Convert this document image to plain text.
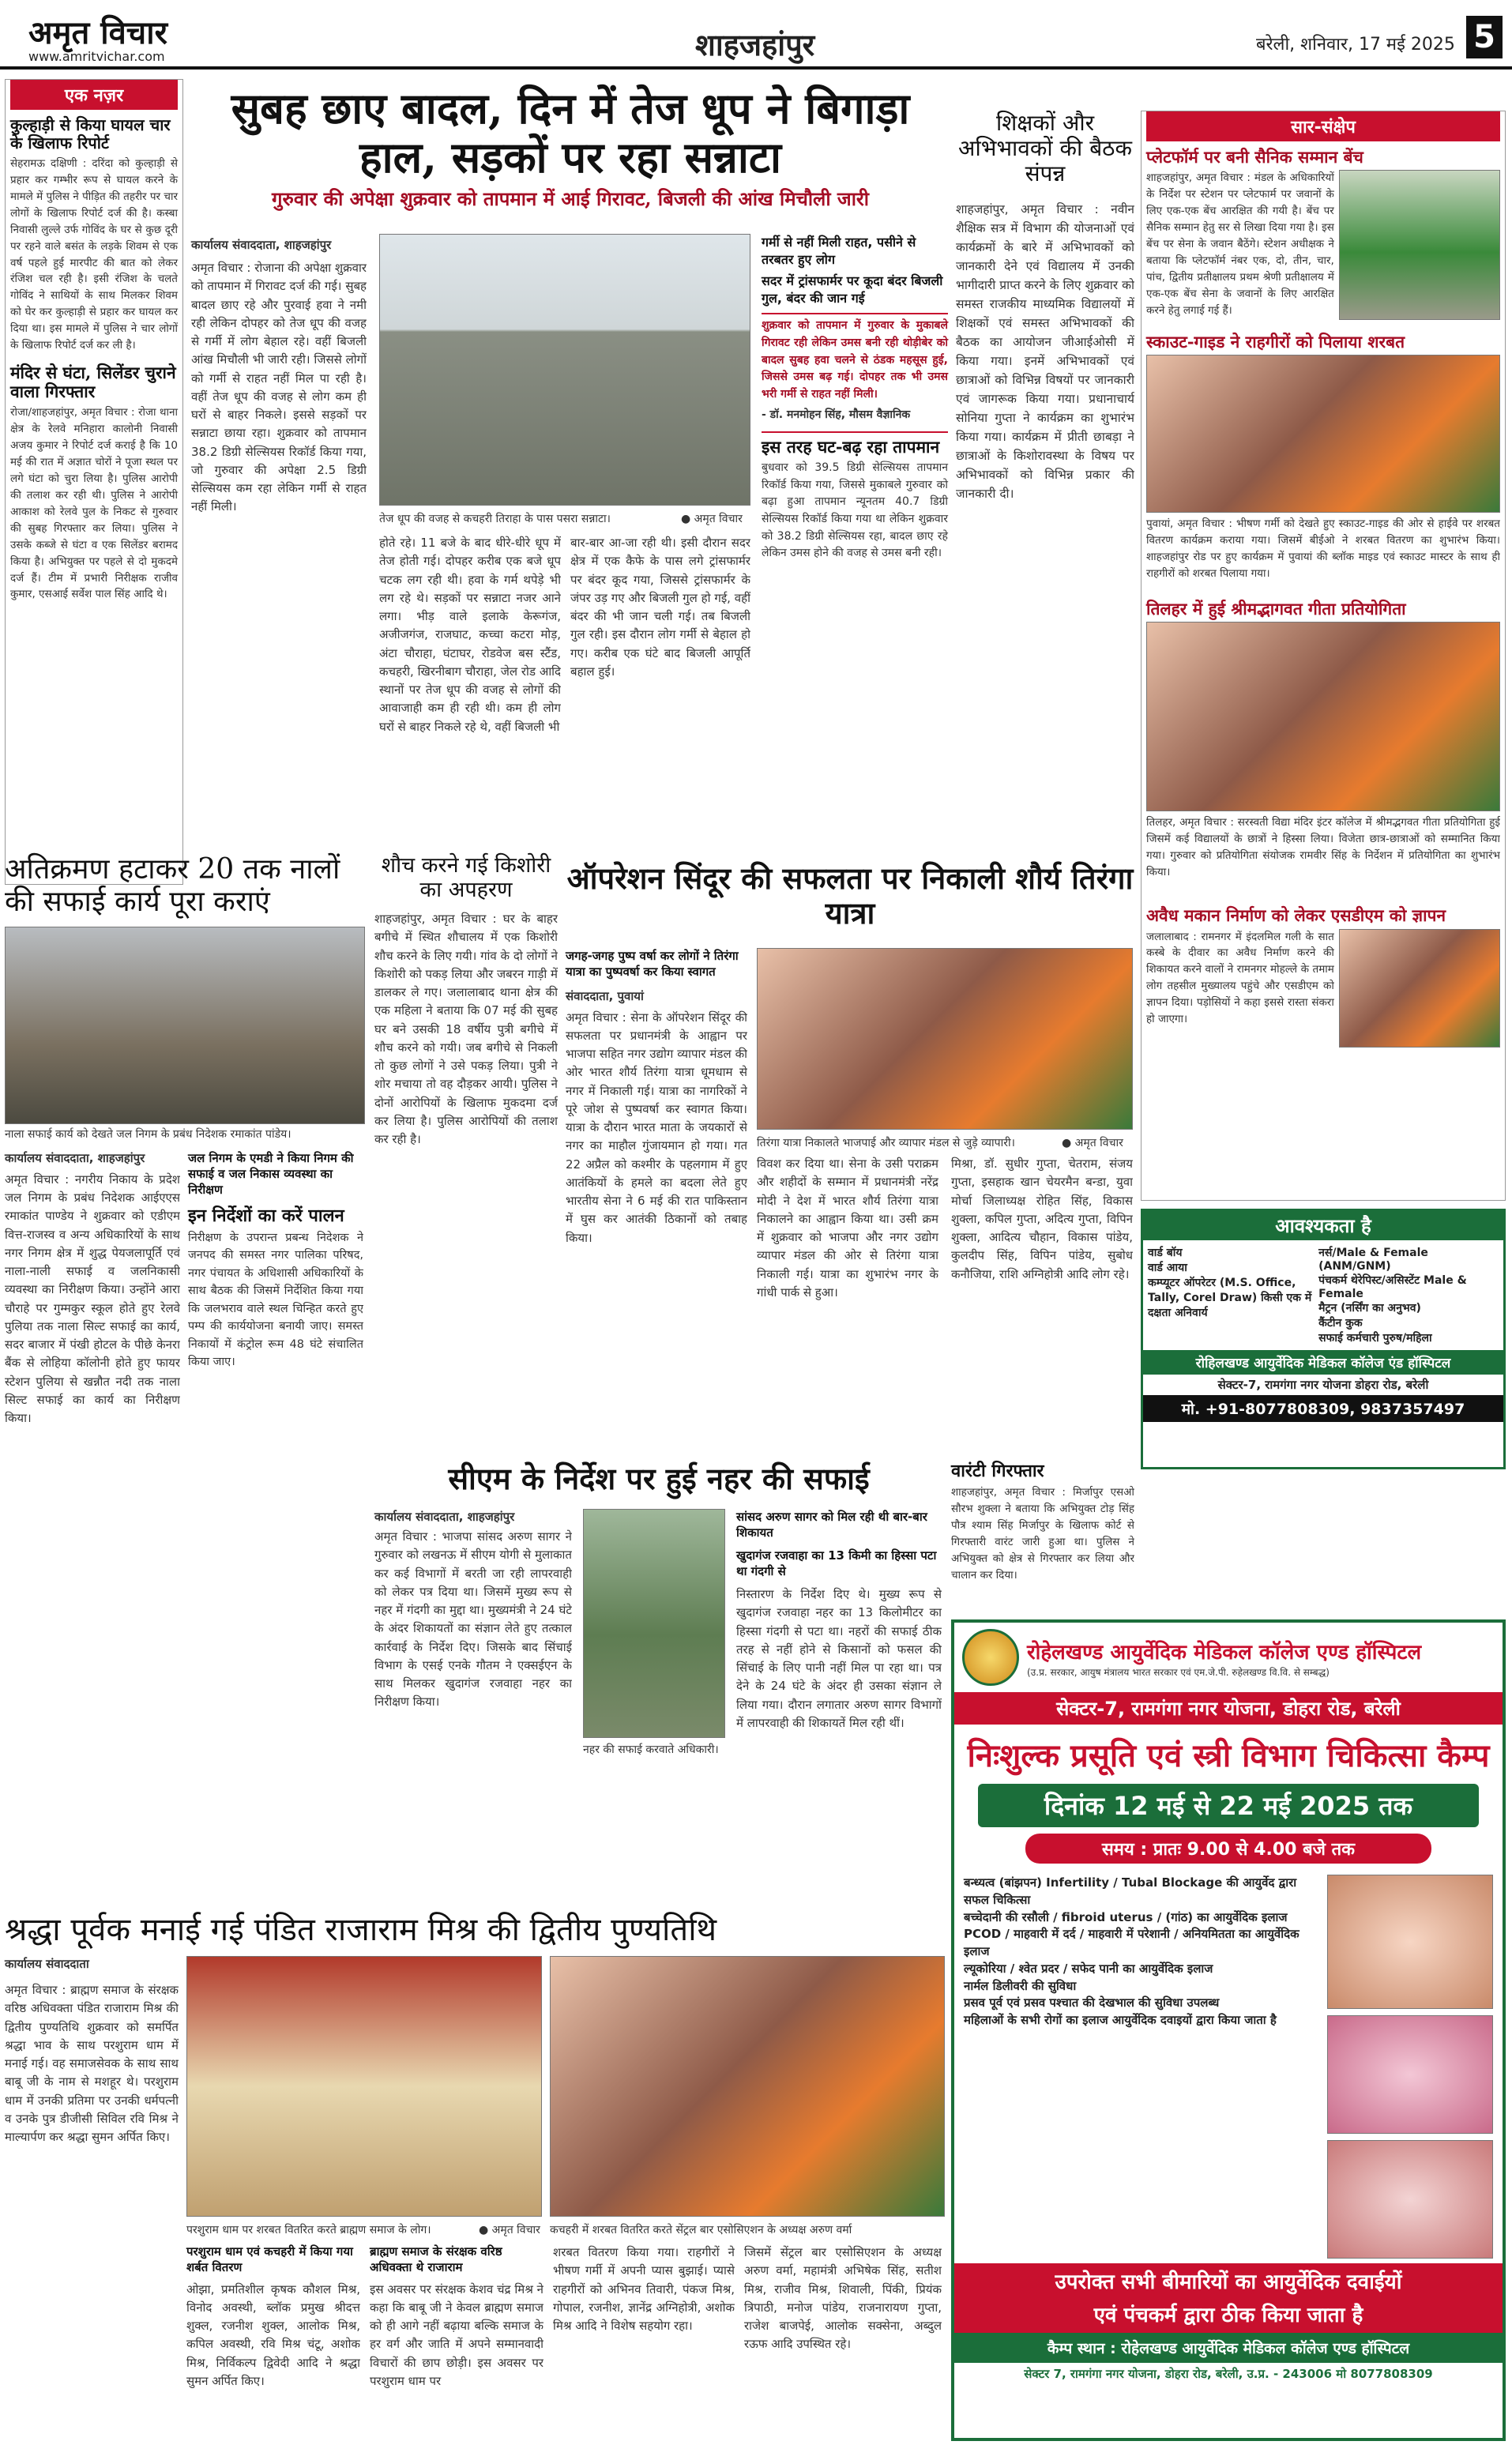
अमृत विचार
www.amritvichar.com	शाहजहांपुर	बरेली, शनिवार, 17 मई 2025 5
एक नज़र
कुल्हाड़ी से किया घायल चार के खिलाफ रिपोर्ट
सेहरामऊ दक्षिणी : दरिंदा को कुल्हाड़ी से प्रहार कर गम्भीर रूप से घायल करने के मामले में पुलिस ने पीड़ित की तहरीर पर चार लोगों के खिलाफ रिपोर्ट दर्ज की है। कस्बा निवासी लुल्ले उर्फ गोविंद के घर से कुछ दूरी पर रहने वाले बसंत के लड़के शिवम से एक वर्ष पहले हुई मारपीट की बात को लेकर रंजिश चल रही है। इसी रंजिश के चलते गोविंद ने साथियों के साथ मिलकर शिवम को घेर कर कुल्हाड़ी से प्रहार कर घायल कर दिया था। इस मामले में पुलिस ने चार लोगों के खिलाफ रिपोर्ट दर्ज कर ली है।
मंदिर से घंटा, सिलेंडर चुराने वाला गिरफ्तार
रोजा/शाहजहांपुर, अमृत विचार : रोजा थाना क्षेत्र के रेलवे मनिहारा कालोनी निवासी अजय कुमार ने रिपोर्ट दर्ज कराई है कि 10 मई की रात में अज्ञात चोरों ने पूजा स्थल पर लगे घंटा को चुरा लिया है। पुलिस आरोपी की तलाश कर रही थी। पुलिस ने आरोपी आकाश को रेलवे पुल के निकट से गुरुवार की सुबह गिरफ्तार कर लिया। पुलिस ने उसके कब्जे से घंटा व एक सिलेंडर बरामद किया है। अभियुक्त पर पहले से दो मुकदमे दर्ज हैं। टीम में प्रभारी निरीक्षक राजीव कुमार, एसआई सर्वेश पाल सिंह आदि थे।
सुबह छाए बादल, दिन में तेज धूप ने बिगाड़ा हाल, सड़कों पर रहा सन्नाटा
गुरुवार की अपेक्षा शुक्रवार को तापमान में आई गिरावट, बिजली की आंख मिचौली जारी
कार्यालय संवाददाता, शाहजहांपुर
अमृत विचार : रोजाना की अपेक्षा शुक्रवार को तापमान में गिरावट दर्ज की गई। सुबह बादल छाए रहे और पुरवाई हवा ने नमी रही लेकिन दोपहर को तेज धूप की वजह से गर्मी में लोग बेहाल रहे। वहीं बिजली आंख मिचौली भी जारी रही। जिससे लोगों को गर्मी से राहत नहीं मिल पा रही है। वहीं तेज धूप की वजह से लोग कम ही घरों से बाहर निकले। इससे सड़कों पर सन्नाटा छाया रहा। शुक्रवार को तापमान 38.2 डिग्री सेल्सियस रिकॉर्ड किया गया, जो गुरुवार की अपेक्षा 2.5 डिग्री सेल्सियस कम रहा लेकिन गर्मी से राहत नहीं मिली।
तेज धूप की वजह से कचहरी तिराहा के पास पसरा सन्नाटा।	● अमृत विचार
होते रहे। 11 बजे के बाद धीरे-धीरे धूप में तेज होती गई। दोपहर करीब एक बजे धूप चटक लग रही थी। हवा के गर्म थपेड़े भी लग रहे थे। सड़कों पर सन्नाटा नजर आने लगा। भीड़ वाले इलाके केरूगंज, अजीजगंज, राजघाट, कच्चा कटरा मोड़, अंटा चौराहा, घंटाघर, रोडवेज बस स्टैंड, कचहरी, खिरनीबाग चौराहा, जेल रोड आदि स्थानों पर तेज धूप की वजह से लोगों की आवाजाही कम ही रही थी। कम ही लोग घरों से बाहर निकले रहे थे, वहीं बिजली भी
बार-बार आ-जा रही थी। इसी दौरान सदर क्षेत्र में एक कैफे के पास लगे ट्रांसफार्मर पर बंदर कूद गया, जिससे ट्रांसफार्मर के जंपर उड़ गए और बिजली गुल हो गई, वहीं बंदर की भी जान चली गई। तब बिजली गुल रही। इस दौरान लोग गर्मी से बेहाल हो गए। करीब एक घंटे बाद बिजली आपूर्ति बहाल हुई।
गर्मी से नहीं मिली राहत, पसीने से तरबतर हुए लोग
सदर में ट्रांसफार्मर पर कूदा बंदर बिजली गुल, बंदर की जान गई
शुक्रवार को तापमान में गुरुवार के मुकाबले गिरावट रही लेकिन उमस बनी रही थोड़ीबेर को बादल सुबह हवा चलने से ठंडक महसूस हुई, जिससे उमस बढ़ गई। दोपहर तक भी उमस भरी गर्मी से राहत नहीं मिली।
- डॉ. मनमोहन सिंह, मौसम वैज्ञानिक
इस तरह घट-बढ़ रहा तापमान
बुधवार को 39.5 डिग्री सेल्सियस तापमान रिकॉर्ड किया गया, जिससे मुकाबले गुरुवार को बढ़ा हुआ तापमान न्यूनतम 40.7 डिग्री सेल्सियस रिकॉर्ड किया गया था लेकिन शुक्रवार को 38.2 डिग्री सेल्सियस रहा, बादल छाए रहे लेकिन उमस होने की वजह से उमस बनी रही।
शिक्षकों और अभिभावकों की बैठक संपन्न
शाहजहांपुर, अमृत विचार : नवीन शैक्षिक सत्र में विभाग की योजनाओं एवं कार्यक्रमों के बारे में अभिभावकों को जानकारी देने एवं विद्यालय में उनकी भागीदारी प्राप्त करने के लिए शुक्रवार को समस्त राजकीय माध्यमिक विद्यालयों में शिक्षकों एवं समस्त अभिभावकों की बैठक का आयोजन जीआईओसी में किया गया। इनमें अभिभावकों एवं छात्राओं को विभिन्न विषयों पर जानकारी एवं जागरूक किया गया। प्रधानाचार्य सोनिया गुप्ता ने कार्यक्रम का शुभारंभ किया गया। कार्यक्रम में प्रीती छाबड़ा ने छात्राओं के किशोरावस्था के विषय पर अभिभावकों को विभिन्न प्रकार की जानकारी दी।
सार-संक्षेप
प्लेटफॉर्म पर बनी सैनिक सम्मान बेंच
शाहजहांपुर, अमृत विचार : मंडल के अधिकारियों के निर्देश पर स्टेशन पर प्लेटफार्म पर जवानों के लिए एक-एक बेंच आरक्षित की गयी है। बेंच पर सैनिक सम्मान हेतु सर से लिखा दिया गया है। इस बेंच पर सेना के जवान बैठेंगे। स्टेशन अधीक्षक ने बताया कि प्लेटफॉर्म नंबर एक, दो, तीन, चार, पांच, द्वितीय प्रतीक्षालय प्रथम श्रेणी प्रतीक्षालय में एक-एक बेंच सेना के जवानों के लिए आरक्षित करने हेतु लगाई गई हैं।
स्काउट-गाइड ने राहगीरों को पिलाया शरबत
पुवायां, अमृत विचार : भीषण गर्मी को देखते हुए स्काउट-गाइड की ओर से हाईवे पर शरबत वितरण कार्यक्रम कराया गया। जिसमें बीईओ ने शरबत वितरण का शुभारंभ किया। शाहजहांपुर रोड पर हुए कार्यक्रम में पुवायां की ब्लॉक माइड एवं स्काउट मास्टर के साथ ही राहगीरों को शरबत पिलाया गया।
तिलहर में हुई श्रीमद्भागवत गीता प्रतियोगिता
तिलहर, अमृत विचार : सरस्वती विद्या मंदिर इंटर कॉलेज में श्रीमद्भगवत गीता प्रतियोगिता हुई जिसमें कई विद्यालयों के छात्रों ने हिस्सा लिया। विजेता छात्र-छात्राओं को सम्मानित किया गया। गुरुवार को प्रतियोगिता संयोजक रामवीर सिंह के निर्देशन में प्रतियोगिता का शुभारंभ किया।
अवैध मकान निर्माण को लेकर एसडीएम को ज्ञापन
जलालाबाद : रामनगर में इंदलमिल गली के सात कस्बे के दीवार का अवैध निर्माण करने की शिकायत करने वालों ने रामनगर मोहल्ले के तमाम लोग तहसील मुख्यालय पहुंचे और एसडीएम को ज्ञापन दिया। पड़ोसियों ने कहा इससे रास्ता संकरा हो जाएगा।
अतिक्रमण हटाकर 20 तक नालों की सफाई कार्य पूरा कराएं
नाला सफाई कार्य को देखते जल निगम के प्रबंध निदेशक रमाकांत पांडेय।
कार्यालय संवाददाता, शाहजहांपुर
अमृत विचार : नगरीय निकाय के प्रदेश जल निगम के प्रबंध निदेशक आईएएस रमाकांत पाण्डेय ने शुक्रवार को एडीएम वित्त-राजस्व व अन्य अधिकारियों के साथ नगर निगम क्षेत्र में शुद्ध पेयजलापूर्ति एवं नाला-नाली सफाई व जलनिकासी व्यवस्था का निरीक्षण किया। उन्होंने आरा चौराहे पर गुम्मकुर स्कूल होते हुए रेलवे पुलिया तक नाला सिल्ट सफाई का कार्य, सदर बाजार में पंखी होटल के पीछे केनरा बैंक से लोहिया कॉलोनी होते हुए फायर स्टेशन पुलिया से खन्नौत नदी तक नाला सिल्ट सफाई का कार्य का निरीक्षण किया।
जल निगम के एमडी ने किया निगम की सफाई व जल निकास व्यवस्था का निरीक्षण
इन निर्देशों का करें पालन
निरीक्षण के उपरान्त प्रबन्ध निदेशक ने जनपद की समस्त नगर पालिका परिषद, नगर पंचायत के अधिशासी अधिकारियों के साथ बैठक की जिसमें निर्देशित किया गया कि जलभराव वाले स्थल चिन्हित करते हुए पम्प की कार्ययोजना बनायी जाए। समस्त निकायों में कंट्रोल रूम 48 घंटे संचालित किया जाए।
शौच करने गई किशोरी का अपहरण
शाहजहांपुर, अमृत विचार : घर के बाहर बगीचे में स्थित शौचालय में एक किशोरी शौच करने के लिए गयी। गांव के दो लोगों ने किशोरी को पकड़ लिया और जबरन गाड़ी में डालकर ले गए। जलालाबाद थाना क्षेत्र की एक महिला ने बताया कि 07 मई की सुबह घर बने उसकी 18 वर्षीय पुत्री बगीचे में शौच करने को गयी। जब बगीचे से निकली तो कुछ लोगों ने उसे पकड़ लिया। पुत्री ने शोर मचाया तो वह दौड़कर आयी। पुलिस ने दोनों आरोपियों के खिलाफ मुकदमा दर्ज कर लिया है। पुलिस आरोपियों की तलाश कर रही है।
ऑपरेशन सिंदूर की सफलता पर निकाली शौर्य तिरंगा यात्रा
जगह-जगह पुष्प वर्षा कर लोगों ने तिरंगा यात्रा का पुष्पवर्षा कर किया स्वागत
संवाददाता, पुवायां
अमृत विचार : सेना के ऑपरेशन सिंदूर की सफलता पर प्रधानमंत्री के आह्वान पर भाजपा सहित नगर उद्योग व्यापार मंडल की ओर भारत शौर्य तिरंगा यात्रा धूमधाम से नगर में निकाली गई। यात्रा का नागरिकों ने पूरे जोश से पुष्पवर्षा कर स्वागत किया। यात्रा के दौरान भारत माता के जयकारों से नगर का माहौल गुंजायमान हो गया। गत 22 अप्रैल को कश्मीर के पहलगाम में हुए आतंकियों के हमले का बदला लेते हुए भारतीय सेना ने 6 मई की रात पाकिस्तान में घुस कर आतंकी ठिकानों को तबाह किया।
तिरंगा यात्रा निकालते भाजपाई और व्यापार मंडल से जुड़े व्यापारी।	● अमृत विचार
विवश कर दिया था। सेना के उसी पराक्रम और शहीदों के सम्मान में प्रधानमंत्री नरेंद्र मोदी ने देश में भारत शौर्य तिरंगा यात्रा निकालने का आह्वान किया था। उसी क्रम में शुक्रवार को भाजपा और नगर उद्योग व्यापार मंडल की ओर से तिरंगा यात्रा निकाली गई। यात्रा का शुभारंभ नगर के गांधी पार्क से हुआ।
मिश्रा, डॉ. सुधीर गुप्ता, चेतराम, संजय गुप्ता, इसहाक खान चेयरमैन बन्डा, युवा मोर्चा जिलाध्यक्ष रोहित सिंह, विकास शुक्ला, कपिल गुप्ता, अदित्य गुप्ता, विपिन शुक्ला, आदित्य चौहान, विकास पांडेय, कुलदीप सिंह, विपिन पांडेय, सुबोध कनौजिया, राशि अग्निहोत्री आदि लोग रहे।
सीएम के निर्देश पर हुई नहर की सफाई
कार्यालय संवाददाता, शाहजहांपुर
अमृत विचार : भाजपा सांसद अरुण सागर ने गुरुवार को लखनऊ में सीएम योगी से मुलाकात कर कई विभागों में बरती जा रही लापरवाही को लेकर पत्र दिया था। जिसमें मुख्य रूप से नहर में गंदगी का मुद्दा था। मुख्यमंत्री ने 24 घंटे के अंदर शिकायतों का संज्ञान लेते हुए तत्काल कार्रवाई के निर्देश दिए। जिसके बाद सिंचाई विभाग के एसई एनके गौतम ने एक्सईएन के साथ मिलकर खुदागंज रजवाहा नहर का निरीक्षण किया।
नहर की सफाई करवाते अधिकारी।
सांसद अरुण सागर को मिल रही थी बार-बार शिकायत
खुदागंज रजवाहा का 13 किमी का हिस्सा पटा था गंदगी से
निस्तारण के निर्देश दिए थे। मुख्य रूप से खुदागंज रजवाहा नहर का 13 किलोमीटर का हिस्सा गंदगी से पटा था। नहरों की सफाई ठीक तरह से नहीं होने से किसानों को फसल की सिंचाई के लिए पानी नहीं मिल पा रहा था। पत्र देने के 24 घंटे के अंदर ही उसका संज्ञान ले लिया गया। दौरान लगातार अरुण सागर विभागों में लापरवाही की शिकायतें मिल रही थीं।
वारंटी गिरफ्तार
शाहजहांपुर, अमृत विचार : मिर्जापुर एसओ सौरभ शुक्ला ने बताया कि अभियुक्त टोड़ सिंह पौत्र श्याम सिंह मिर्जापुर के खिलाफ कोर्ट से गिरफ्तारी वारंट जारी हुआ था। पुलिस ने अभियुक्त को क्षेत्र से गिरफ्तार कर लिया और चालान कर दिया।
आवश्यकता है
वार्ड बॉय
वार्ड आया
कम्प्यूटर ऑपरेटर (M.S. Office, Tally, Corel Draw) किसी एक में दक्षता अनिवार्य
नर्स/Male & Female (ANM/GNM)
पंचकर्म थेरेपिस्ट/असिस्टेंट Male & Female
मैट्रन (नर्सिंग का अनुभव)
कैंटीन कुक
सफाई कर्मचारी पुरुष/महिला
रोहिलखण्ड आयुर्वेदिक मेडिकल कॉलेज एंड हॉस्पिटल
सेक्टर-7, रामगंगा नगर योजना डोहरा रोड, बरेली
मो. +91-8077808309, 9837357497
रोहेलखण्ड आयुर्वेदिक मेडिकल कॉलेज एण्ड हॉस्पिटल
(उ.प्र. सरकार, आयुष मंत्रालय भारत सरकार एवं एम.जे.पी. रुहेलखण्ड वि.वि. से सम्बद्ध)
सेक्टर-7, रामगंगा नगर योजना, डोहरा रोड, बरेली
निःशुल्क प्रसूति एवं स्त्री विभाग चिकित्सा कैम्प
दिनांक 12 मई से 22 मई 2025 तक
समय : प्रातः 9.00 से 4.00 बजे तक
बन्ध्यत्व (बांझपन) Infertility / Tubal Blockage की आयुर्वेद द्वारा सफल चिकित्सा
बच्चेदानी की रसौली / fibroid uterus / (गांठ) का आयुर्वेदिक इलाज
PCOD / माहवारी में दर्द / माहवारी में परेशानी / अनियमितता का आयुर्वेदिक इलाज
ल्यूकोरिया / श्वेत प्रदर / सफेद पानी का आयुर्वेदिक इलाज
नार्मल डिलीवरी की सुविधा
प्रसव पूर्व एवं प्रसव पश्चात की देखभाल की सुविधा उपलब्ध
महिलाओं के सभी रोगों का इलाज आयुर्वेदिक दवाइयों द्वारा किया जाता है
उपरोक्त सभी बीमारियों का आयुर्वेदिक दवाईयों
एवं पंचकर्म द्वारा ठीक किया जाता है
कैम्प स्थान : रोहेलखण्ड आयुर्वेदिक मेडिकल कॉलेज एण्ड हॉस्पिटल
सेक्टर 7, रामगंगा नगर योजना, डोहरा रोड, बरेली, उ.प्र. - 243006 मो 8077808309
श्रद्धा पूर्वक मनाई गई पंडित राजाराम मिश्र की द्वितीय पुण्यतिथि
कार्यालय संवाददाता
अमृत विचार : ब्राह्मण समाज के संरक्षक वरिष्ठ अधिवक्ता पंडित राजाराम मिश्र की द्वितीय पुण्यतिथि शुक्रवार को समर्पित श्रद्धा भाव के साथ परशुराम धाम में मनाई गई। वह समाजसेवक के साथ साथ बाबू जी के नाम से मशहूर थे। परशुराम धाम में उनकी प्रतिमा पर उनकी धर्मपत्नी व उनके पुत्र डीजीसी सिविल रवि मिश्र ने माल्यार्पण कर श्रद्धा सुमन अर्पित किए।
परशुराम धाम पर शरबत वितरित करते ब्राह्मण समाज के लोग।	● अमृत विचार कचहरी में शरबत वितरित करते सेंट्रल बार एसोसिएशन के अध्यक्ष अरुण वर्मा
परशुराम धाम एवं कचहरी में किया गया शर्बत वितरण
ओझा, प्रमतिशील कृषक कौशल मिश्र, विनोद अवस्थी, ब्लॉक प्रमुख श्रीदत्त शुक्ल, रजनीश शुक्ल, आलोक मिश्र, कपिल अवस्थी, रवि मिश्र चंटू, अशोक मिश्र, निर्विकल्प द्विवेदी आदि ने श्रद्धा सुमन अर्पित किए।
ब्राह्मण समाज के संरक्षक वरिष्ठ अधिवक्ता थे राजाराम
इस अवसर पर संरक्षक केशव चंद्र मिश्र ने कहा कि बाबू जी ने केवल ब्राह्मण समाज को ही आगे नहीं बढ़ाया बल्कि समाज के हर वर्ग और जाति में अपने सम्मानवादी विचारों की छाप छोड़ी। इस अवसर पर परशुराम धाम पर
शरबत वितरण किया गया। राहगीरों ने भीषण गर्मी में अपनी प्यास बुझाई। प्यासे राहगीरों को अभिनव तिवारी, पंकज मिश्र, गोपाल, रजनीश, ज्ञानेंद्र अग्निहोत्री, अशोक मिश्र आदि ने विशेष सहयोग रहा।
जिसमें सेंट्रल बार एसोसिएशन के अध्यक्ष अरुण वर्मा, महामंत्री अभिषेक सिंह, सतीश मिश्र, राजीव मिश्र, शिवाली, पिंकी, प्रियंक त्रिपाठी, मनोज पांडेय, राजनारायण गुप्ता, राजेश बाजपेई, आलोक सक्सेना, अब्दुल रऊफ आदि उपस्थित रहे।
